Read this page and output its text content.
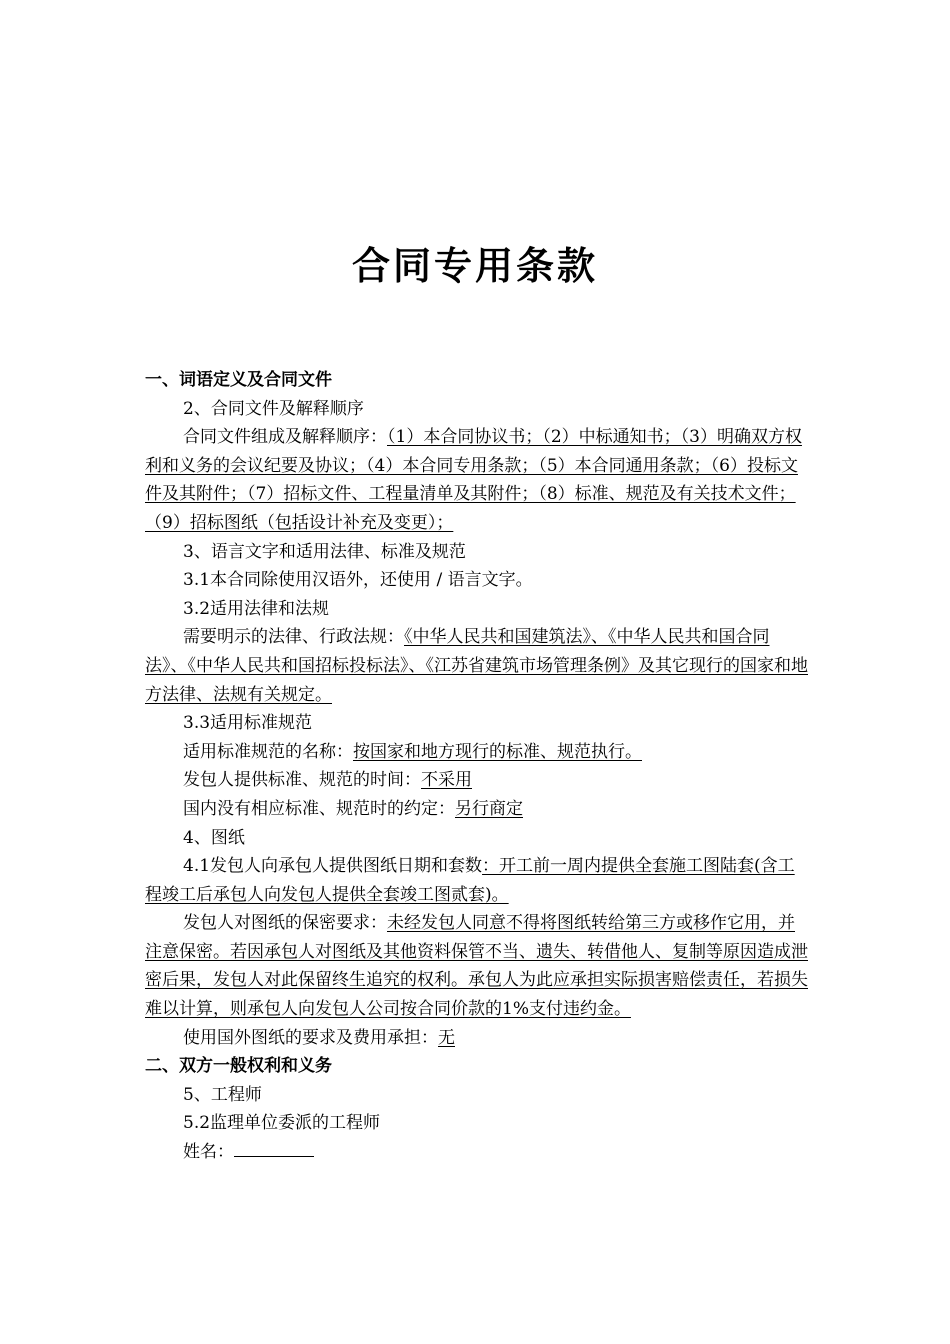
合同专用条款

一、词语定义及合同文件

2、合同文件及解释顺序

合同文件组成及解释顺序：（1）本合同协议书；（2）中标通知书；（3）明确双方权利和义务的会议纪要及协议；（4）本合同专用条款；（5）本合同通用条款；（6）投标文件及其附件；（7）招标文件、工程量清单及其附件；（8）标准、规范及有关技术文件；（9）招标图纸（包括设计补充及变更）；

3、语言文字和适用法律、标准及规范

3.1本合同除使用汉语外，还使用 / 语言文字。

3.2适用法律和法规

需要明示的法律、行政法规：《中华人民共和国建筑法》、《中华人民共和国合同法》、《中华人民共和国招标投标法》、《江苏省建筑市场管理条例》及其它现行的国家和地方法律、法规有关规定。

3.3适用标准规范

适用标准规范的名称：按国家和地方现行的标准、规范执行。

发包人提供标准、规范的时间：不采用

国内没有相应标准、规范时的约定：另行商定

4、图纸

4.1发包人向承包人提供图纸日期和套数：开工前一周内提供全套施工图陆套(含工程竣工后承包人向发包人提供全套竣工图贰套)。

发包人对图纸的保密要求：未经发包人同意不得将图纸转给第三方或移作它用，并注意保密。若因承包人对图纸及其他资料保管不当、遗失、转借他人、复制等原因造成泄密后果，发包人对此保留终生追究的权利。承包人为此应承担实际损害赔偿责任，若损失难以计算，则承包人向发包人公司按合同价款的1%支付违约金。

使用国外图纸的要求及费用承担：无

二、双方一般权利和义务

5、工程师

5.2监理单位委派的工程师

姓名：
